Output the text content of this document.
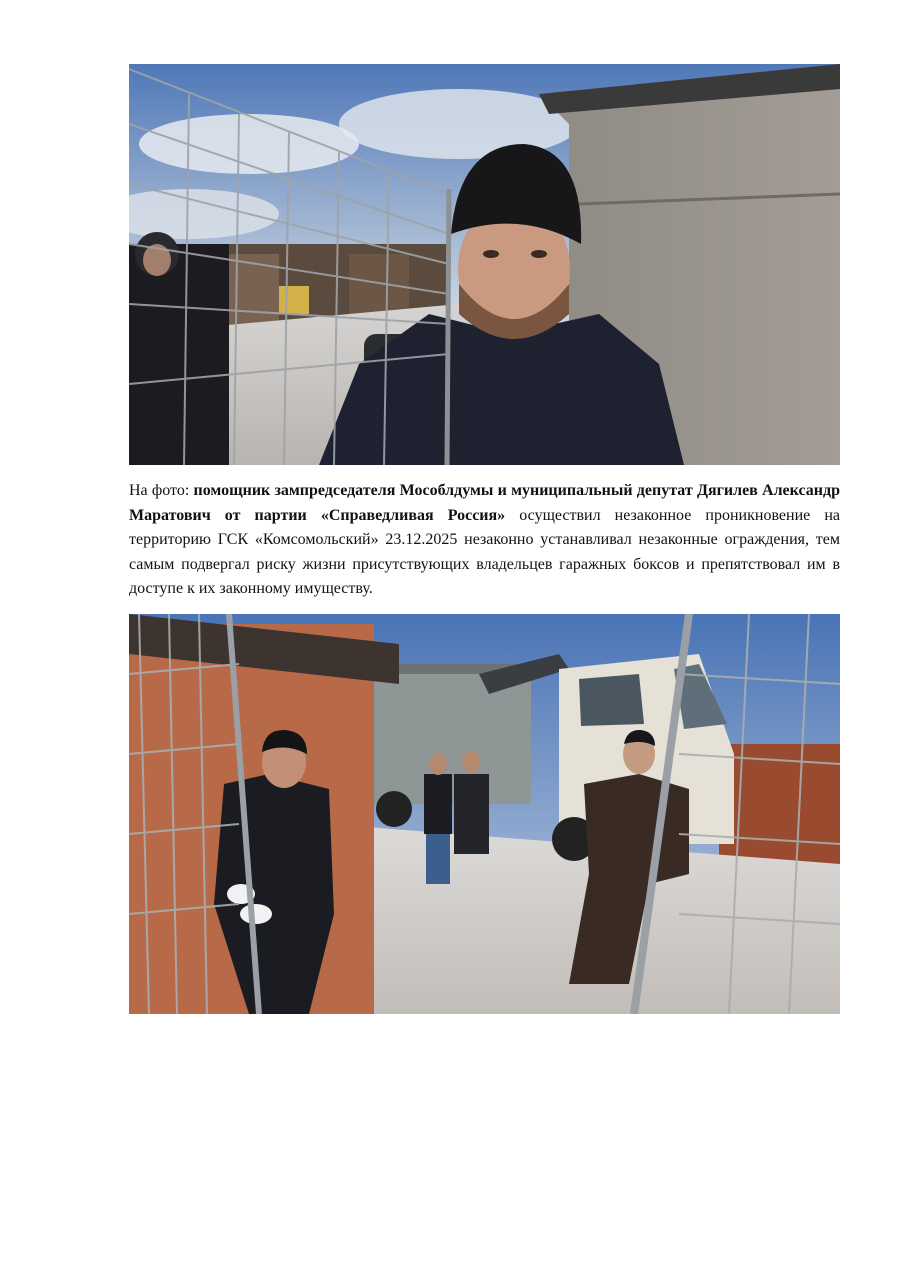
На фото: помощник зампредседателя Мособлдумы и муниципальный депутат Дягилев Александр Маратович от партии «Справедливая Россия» осуществил незаконное проникновение на территорию ГСК «Комсомольский» 23.12.2025 незаконно устанавливал незаконные ограждения, тем самым подвергал риску жизни присутствующих владельцев гаражных боксов и препятствовал им в доступе к их законному имуществу.
